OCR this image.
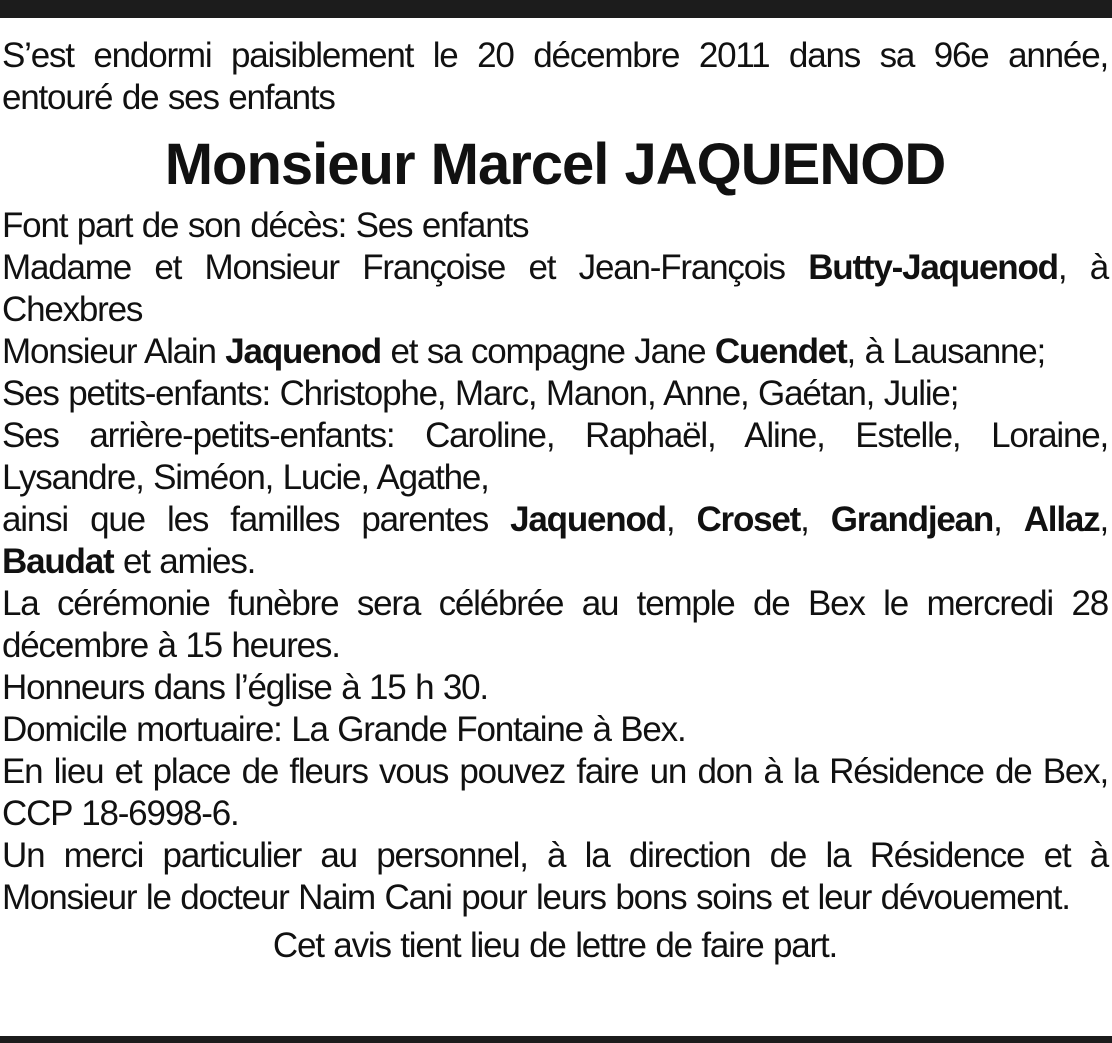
S’est endormi paisiblement le 20 décembre 2011 dans sa 96e année, entouré de ses enfants

Monsieur Marcel JAQUENOD

Font part de son décès: Ses enfants

Madame et Monsieur Françoise et Jean-François Butty-Jaquenod, à Chexbres

Monsieur Alain Jaquenod et sa compagne Jane Cuendet, à Lausanne;

Ses petits-enfants: Christophe, Marc, Manon, Anne, Gaétan, Julie;

Ses arrière-petits-enfants: Caroline, Raphaël, Aline, Estelle, Loraine, Lysandre, Siméon, Lucie, Agathe,

ainsi que les familles parentes Jaquenod, Croset, Grandjean, Allaz, Baudat et amies.

La cérémonie funèbre sera célébrée au temple de Bex le mercredi 28 décembre à 15 heures.

Honneurs dans l’église à 15 h 30.

Domicile mortuaire: La Grande Fontaine à Bex.

En lieu et place de fleurs vous pouvez faire un don à la Résidence de Bex, CCP 18-6998-6.

Un merci particulier au personnel, à la direction de la Résidence et à Monsieur le docteur Naim Cani pour leurs bons soins et leur dévouement.

Cet avis tient lieu de lettre de faire part.
